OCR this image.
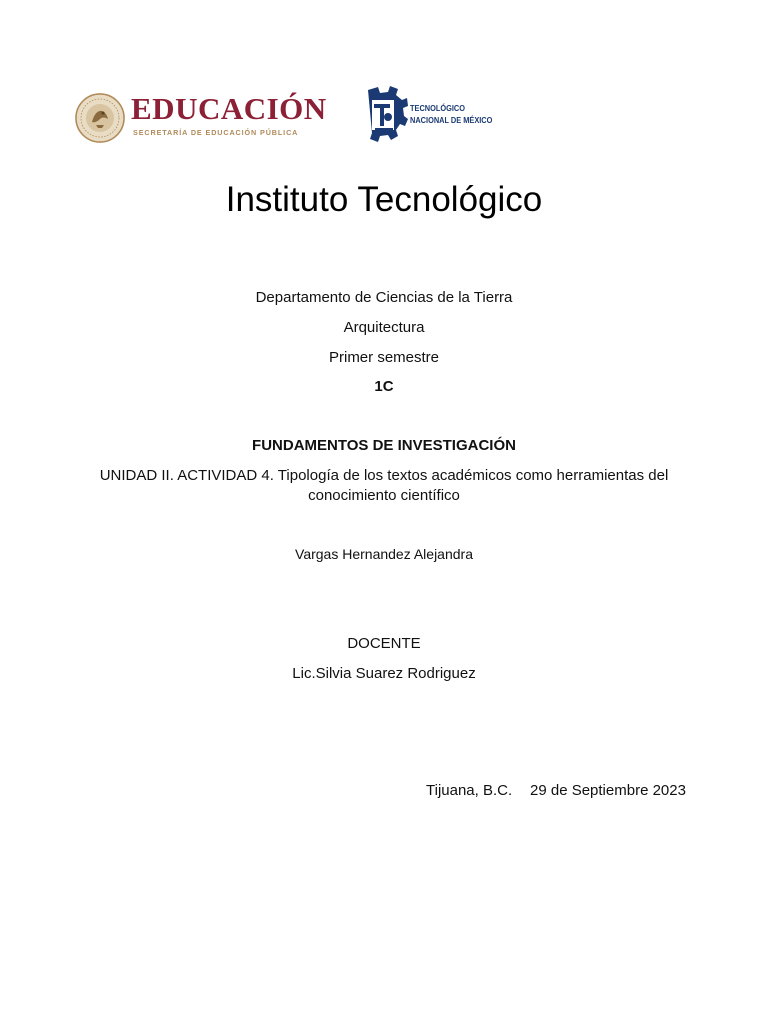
EDUCACIÓN
SECRETARÍA DE EDUCACIÓN PÚBLICA
TECNOLÓGICO
NACIONAL DE MÉXICO
Instituto Tecnológico
Departamento de Ciencias de la Tierra
Arquitectura
Primer semestre
1C
FUNDAMENTOS DE INVESTIGACIÓN
UNIDAD II. ACTIVIDAD 4. Tipología de los textos académicos como herramientas del conocimiento científico
Vargas Hernandez Alejandra
DOCENTE
Lic.Silvia Suarez Rodriguez
Tijuana, B.C. 29 de Septiembre 2023
